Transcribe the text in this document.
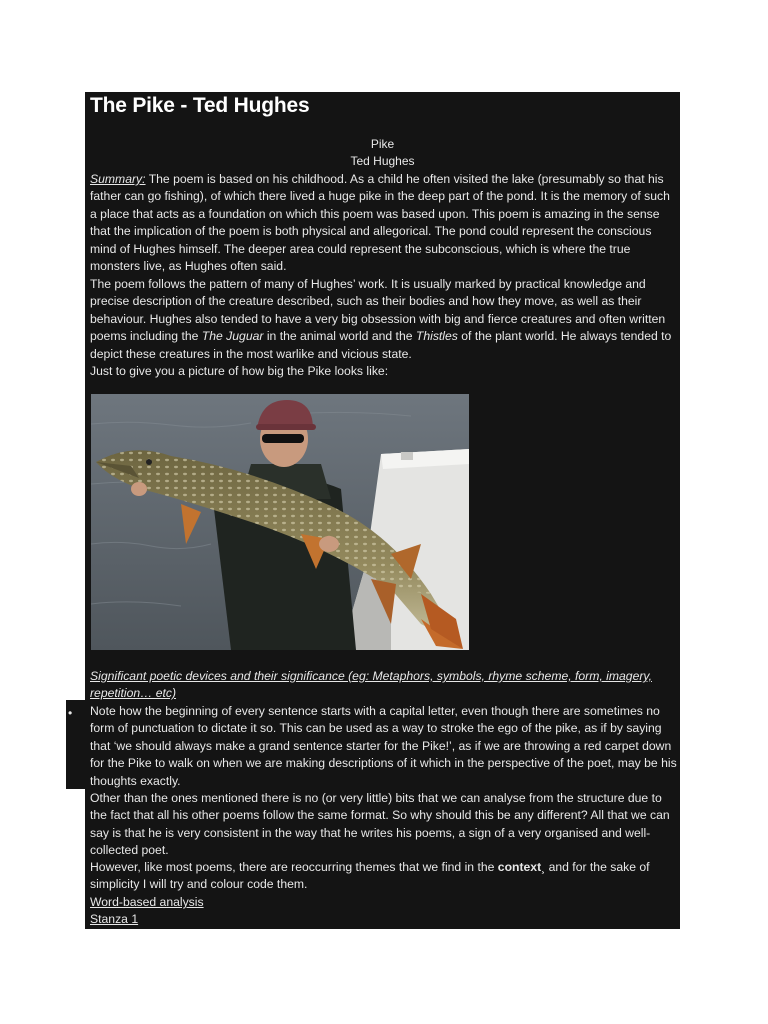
The Pike - Ted Hughes
Pike
Ted Hughes
Summary: The poem is based on his childhood. As a child he often visited the lake (presumably so that his father can go fishing), of which there lived a huge pike in the deep part of the pond. It is the memory of such a place that acts as a foundation on which this poem was based upon. This poem is amazing in the sense that the implication of the poem is both physical and allegorical. The pond could represent the conscious mind of Hughes himself. The deeper area could represent the subconscious, which is where the true monsters live, as Hughes often said.
The poem follows the pattern of many of Hughes’ work. It is usually marked by practical knowledge and precise description of the creature described, such as their bodies and how they move, as well as their behaviour. Hughes also tended to have a very big obsession with big and fierce creatures and often written poems including the The Juguar in the animal world and the Thistles of the plant world. He always tended to depict these creatures in the most warlike and vicious state.
Just to give you a picture of how big the Pike looks like:
Significant poetic devices and their significance (eg: Metaphors, symbols, rhyme scheme, form, imagery, repetition… etc)
Note how the beginning of every sentence starts with a capital letter, even though there are sometimes no form of punctuation to dictate it so. This can be used as a way to stroke the ego of the pike, as if by saying that ‘we should always make a grand sentence starter for the Pike!’, as if we are throwing a red carpet down for the Pike to walk on when we are making descriptions of it which in the perspective of the poet, may be his thoughts exactly.
Other than the ones mentioned there is no (or very little) bits that we can analyse from the structure due to the fact that all his other poems follow the same format. So why should this be any different? All that we can say is that he is very consistent in the way that he writes his poems, a sign of a very organised and well-collected poet.
However, like most poems, there are reoccurring themes that we find in the context¸ and for the sake of simplicity I will try and colour code them.
Word-based analysis
Stanza 1
•
